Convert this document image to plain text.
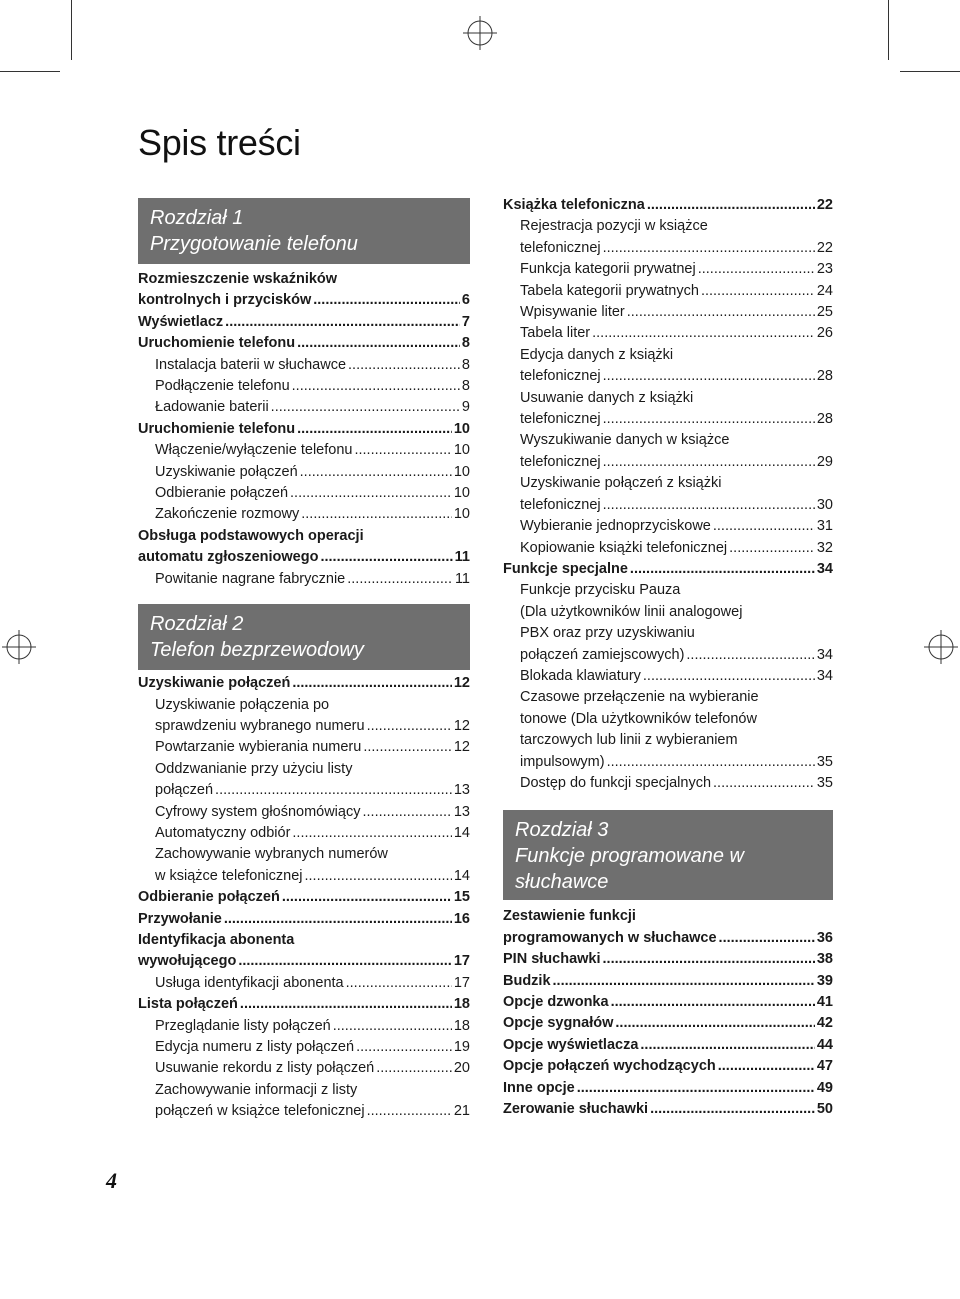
Spis treści
Rozdział 1
Przygotowanie telefonu
Rozmieszczenie wskaźników
kontrolnych i przycisków .....	6
Wyświetlacz .....	7
Uruchomienie telefonu .....	8
Instalacja baterii w słuchawce .....	8
Podłączenie telefonu .....	8
Ładowanie baterii .....	9
Uruchomienie telefonu .....	10
Włączenie/wyłączenie telefonu .....	10
Uzyskiwanie połączeń .....	10
Odbieranie połączeń .....	10
Zakończenie rozmowy .....	10
Obsługa podstawowych operacji
automatu zgłoszeniowego .....	11
Powitanie nagrane fabrycznie .....	11
Rozdział 2
Telefon bezprzewodowy
Uzyskiwanie połączeń .....	12
Uzyskiwanie połączenia po
sprawdzeniu wybranego numeru .....	12
Powtarzanie wybierania numeru .....	12
Oddzwanianie przy użyciu listy
połączeń .....	13
Cyfrowy system głośnomówiący .....	13
Automatyczny odbiór .....	14
Zachowywanie wybranych numerów
w książce telefonicznej .....	14
Odbieranie połączeń .....	15
Przywołanie .....	16
Identyfikacja abonenta
wywołującego .....	17
Usługa identyfikacji abonenta .....	17
Lista połączeń .....	18
Przeglądanie listy połączeń .....	18
Edycja numeru z listy połączeń .....	19
Usuwanie rekordu z listy połączeń .....	20
Zachowywanie informacji z listy
połączeń w książce telefonicznej .....	21
Książka telefoniczna .....	22
Rejestracja pozycji w książce
telefonicznej .....	22
Funkcja kategorii prywatnej .....	23
Tabela kategorii prywatnych .....	24
Wpisywanie liter .....	25
Tabela liter .....	26
Edycja danych z książki
telefonicznej .....	28
Usuwanie danych z książki
telefonicznej .....	28
Wyszukiwanie danych w książce
telefonicznej .....	29
Uzyskiwanie połączeń z książki
telefonicznej .....	30
Wybieranie jednoprzyciskowe .....	31
Kopiowanie książki telefonicznej .....	32
Funkcje specjalne .....	34
Funkcje przycisku Pauza
(Dla użytkowników linii analogowej
PBX oraz przy uzyskiwaniu
połączeń zamiejscowych) .....	34
Blokada klawiatury .....	34
Czasowe przełączenie na wybieranie
tonowe (Dla użytkowników telefonów
tarczowych lub linii z wybieraniem
impulsowym) .....	35
Dostęp do funkcji specjalnych .....	35
Rozdział 3
Funkcje programowane w słuchawce
Zestawienie funkcji
programowanych w słuchawce .....	36
PIN słuchawki .....	38
Budzik .....	39
Opcje dzwonka .....	41
Opcje sygnałów .....	42
Opcje wyświetlacza .....	44
Opcje połączeń wychodzących .....	47
Inne opcje .....	49
Zerowanie słuchawki .....	50
4
